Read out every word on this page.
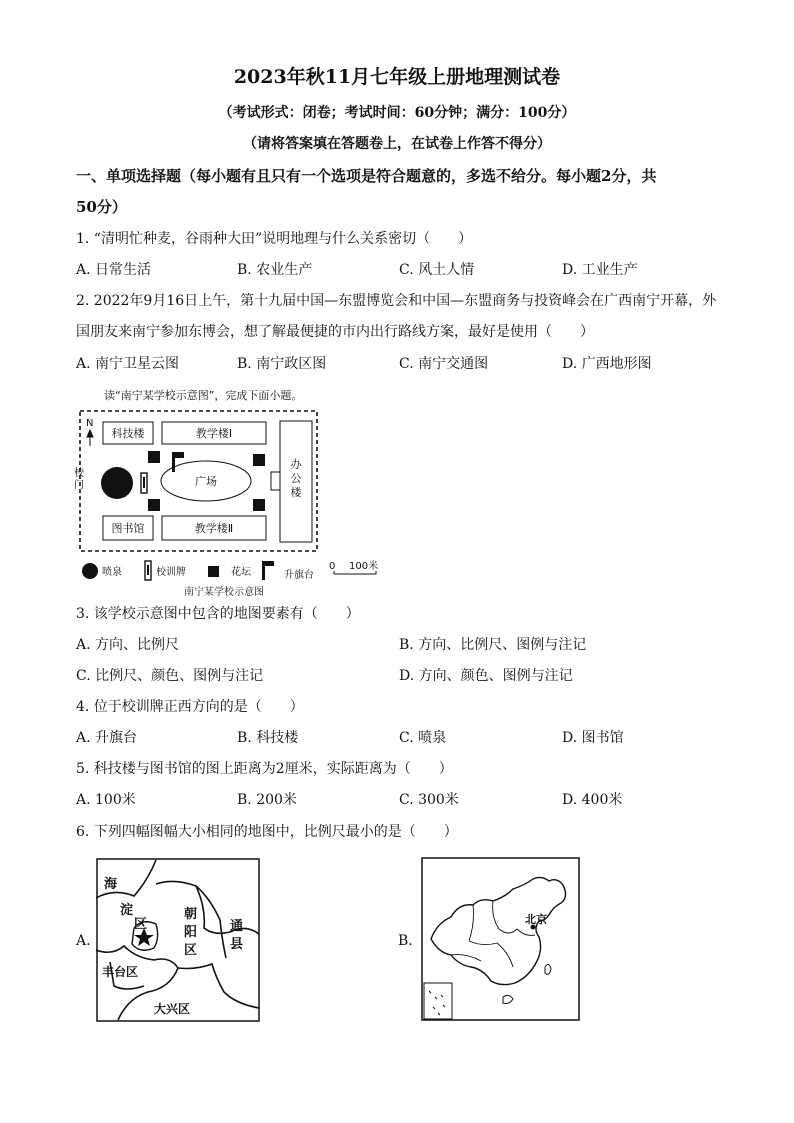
2023年秋11月七年级上册地理测试卷
（考试形式：闭卷；考试时间：60分钟；满分：100分）
（请将答案填在答题卷上，在试卷上作答不得分）
一、单项选择题（每小题有且只有一个选项是符合题意的，多选不给分。每小题2分，共
50分）
1. “清明忙种麦，谷雨种大田”说明地理与什么关系密切（　　）
A. 日常生活	B. 农业生产	C. 风土人情	D. 工业生产
2. 2022年9月16日上午，第十九届中国—东盟博览会和中国—东盟商务与投资峰会在广西南宁开幕，外
国朋友来南宁参加东博会，想了解最便捷的市内出行路线方案，最好是使用（　　）
A. 南宁卫星云图	B. 南宁政区图	C. 南宁交通图	D. 广西地形图
读“南宁某学校示意图”，完成下面小题。
N
校
门
科技楼	教学楼Ⅰ
图书馆	教学楼Ⅱ
办
公
楼
广场
喷泉	校训牌	花坛	升旗台
0 100米
南宁某学校示意图
3. 该学校示意图中包含的地图要素有（　　）
A. 方向、比例尺	B. 方向、比例尺、图例与注记
C. 比例尺、颜色、图例与注记	D. 方向、颜色、图例与注记
4. 位于校训牌正西方向的是（　　）
A. 升旗台	B. 科技楼	C. 喷泉	D. 图书馆
5. 科技楼与图书馆的图上距离为2厘米，实际距离为（　　）
A. 100米	B. 200米	C. 300米	D. 400米
6. 下列四幅图幅大小相同的地图中，比例尺最小的是（　　）
A.
海
淀
区
朝
阳
区
通
县
丰台区
大兴区
B.
北京
